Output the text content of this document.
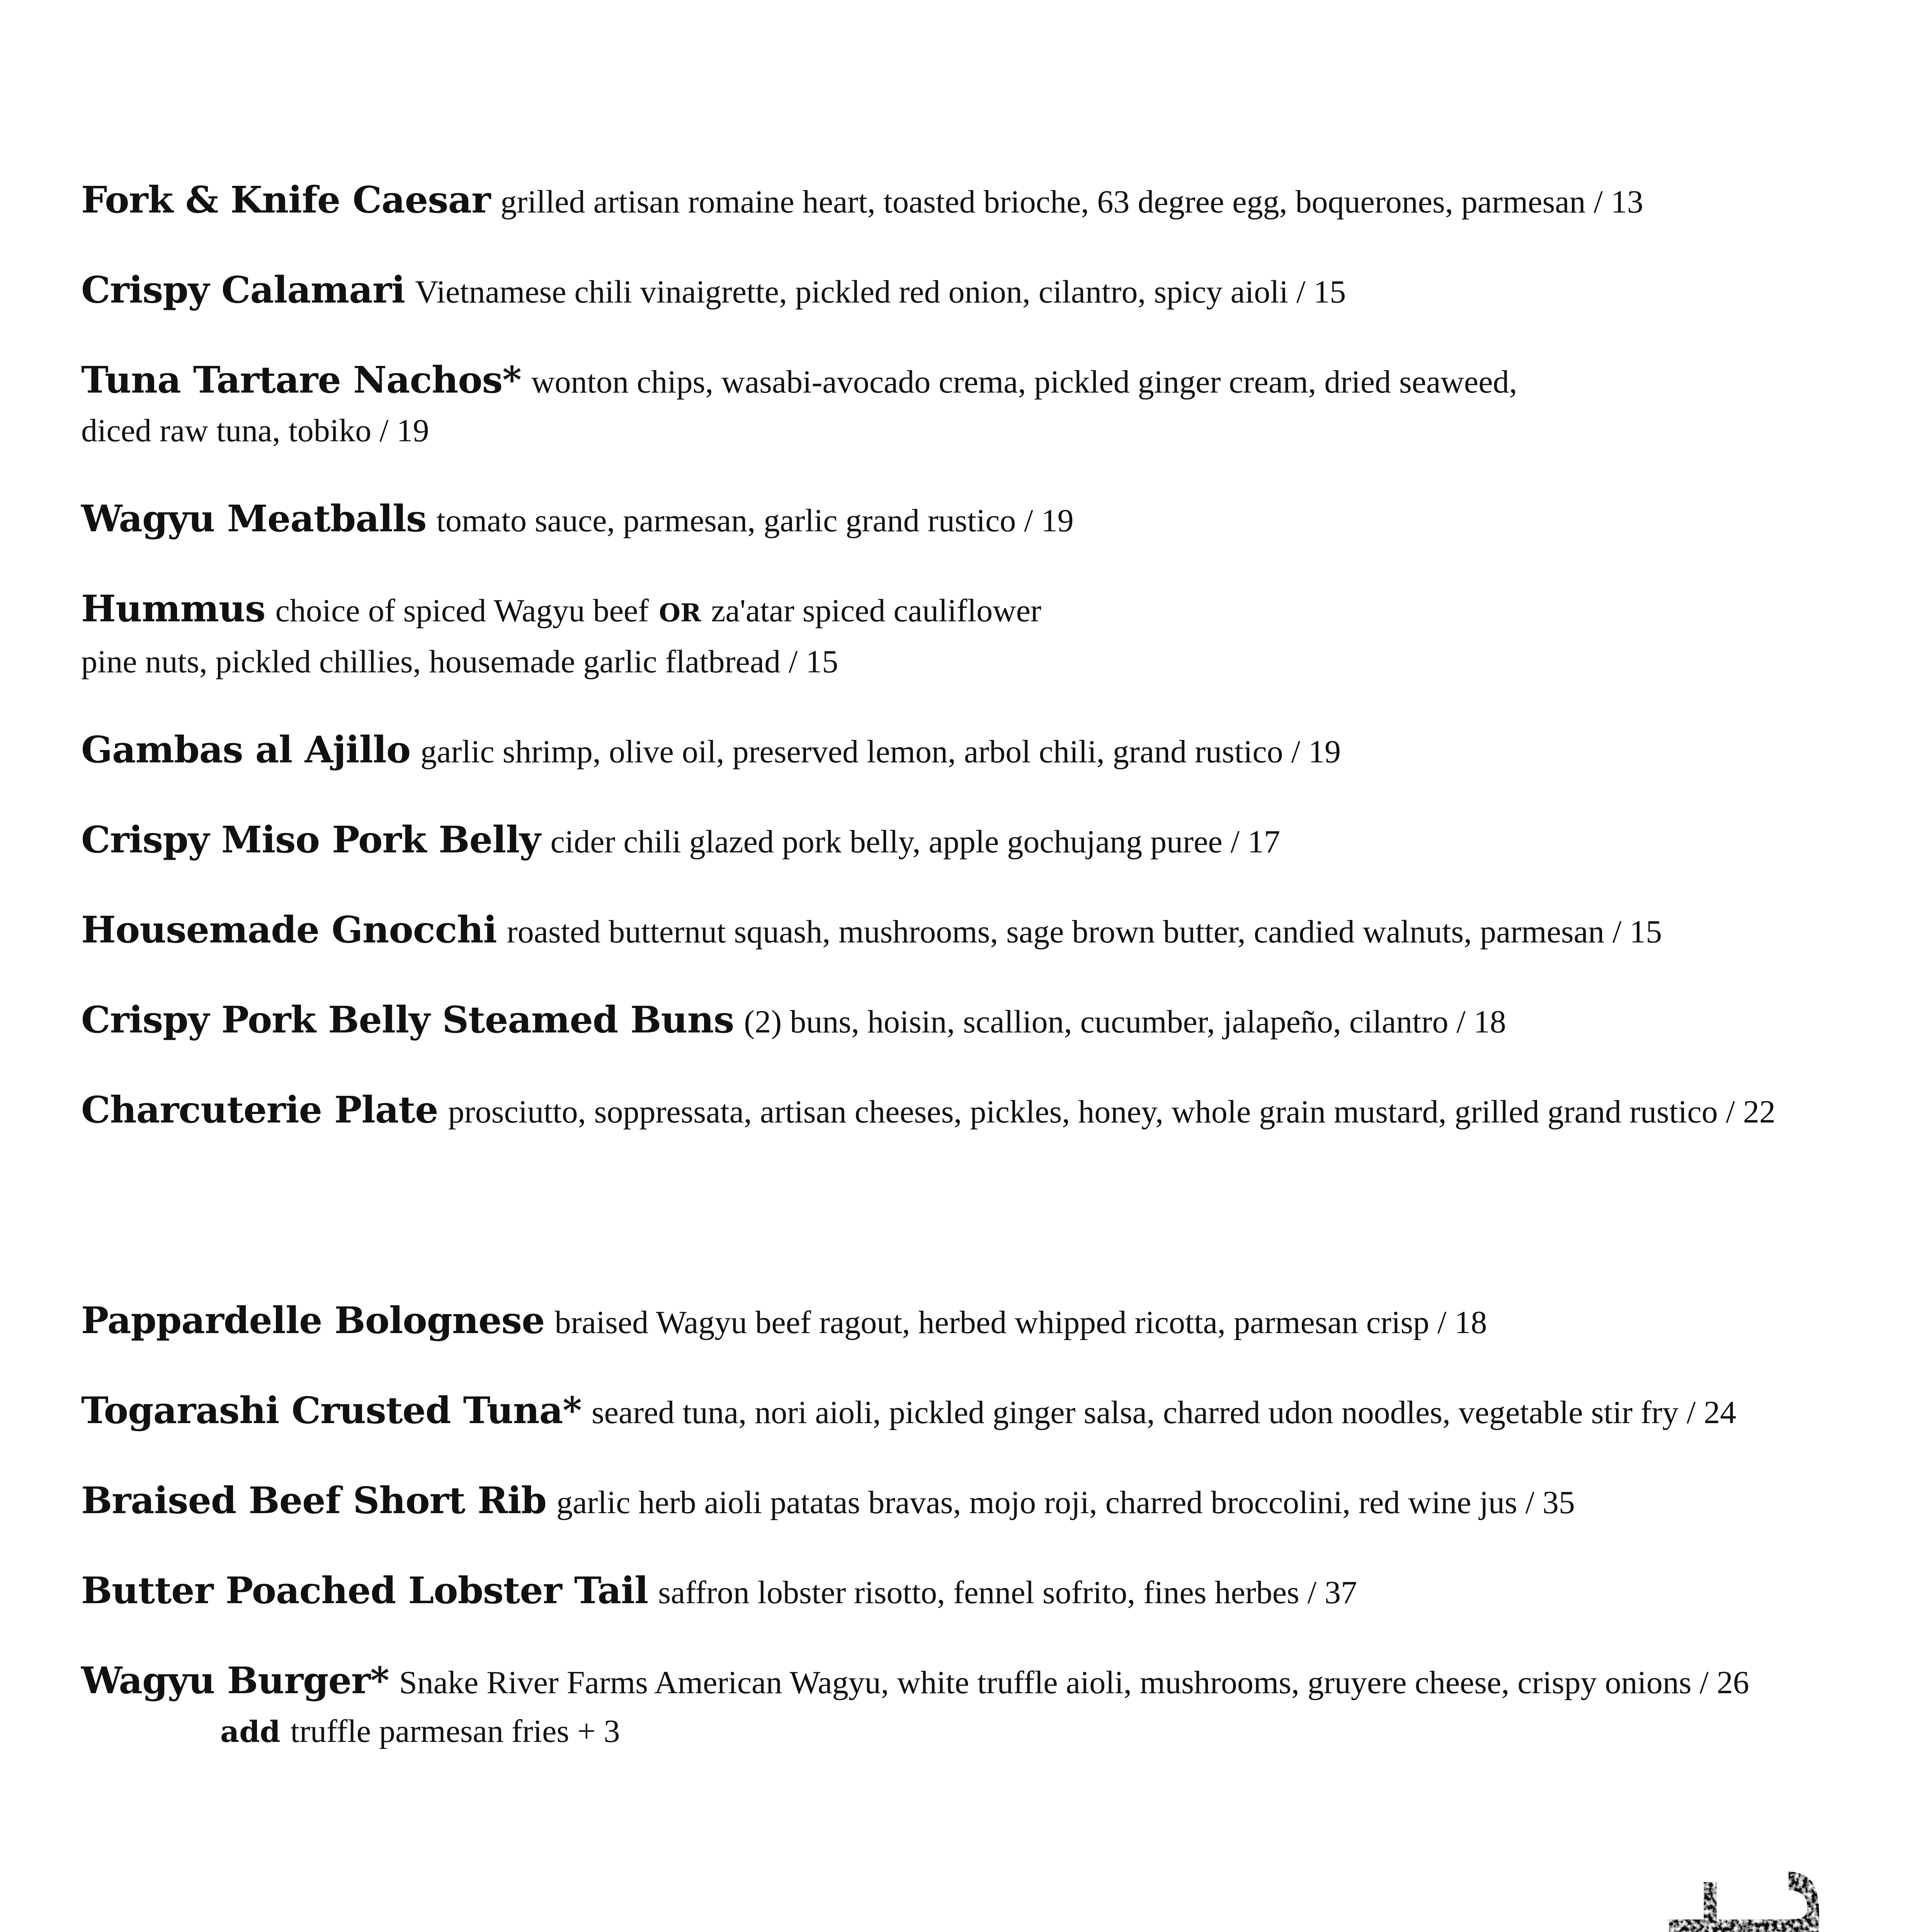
Fork & Knife Caesar grilled artisan romaine heart, toasted brioche, 63 degree egg, boquerones, parmesan / 13
Crispy Calamari Vietnamese chili vinaigrette, pickled red onion, cilantro, spicy aioli / 15
Tuna Tartare Nachos* wonton chips, wasabi-avocado crema, pickled ginger cream, dried seaweed,
diced raw tuna, tobiko / 19
Wagyu Meatballs tomato sauce, parmesan, garlic grand rustico / 19
Hummus choice of spiced Wagyu beef OR za'atar spiced cauliflower
pine nuts, pickled chillies, housemade garlic flatbread / 15
Gambas al Ajillo garlic shrimp, olive oil, preserved lemon, arbol chili, grand rustico / 19
Crispy Miso Pork Belly cider chili glazed pork belly, apple gochujang puree / 17
Housemade Gnocchi roasted butternut squash, mushrooms, sage brown butter, candied walnuts, parmesan / 15
Crispy Pork Belly Steamed Buns (2) buns, hoisin, scallion, cucumber, jalapeño, cilantro / 18
Charcuterie Plate prosciutto, soppressata, artisan cheeses, pickles, honey, whole grain mustard, grilled grand rustico / 22
Pappardelle Bolognese braised Wagyu beef ragout, herbed whipped ricotta, parmesan crisp / 18
Togarashi Crusted Tuna* seared tuna, nori aioli, pickled ginger salsa, charred udon noodles, vegetable stir fry / 24
Braised Beef Short Rib garlic herb aioli patatas bravas, mojo roji, charred broccolini, red wine jus / 35
Butter Poached Lobster Tail saffron lobster risotto, fennel sofrito, fines herbes / 37
Wagyu Burger* Snake River Farms American Wagyu, white truffle aioli, mushrooms, gruyere cheese, crispy onions / 26
add truffle parmesan fries + 3
